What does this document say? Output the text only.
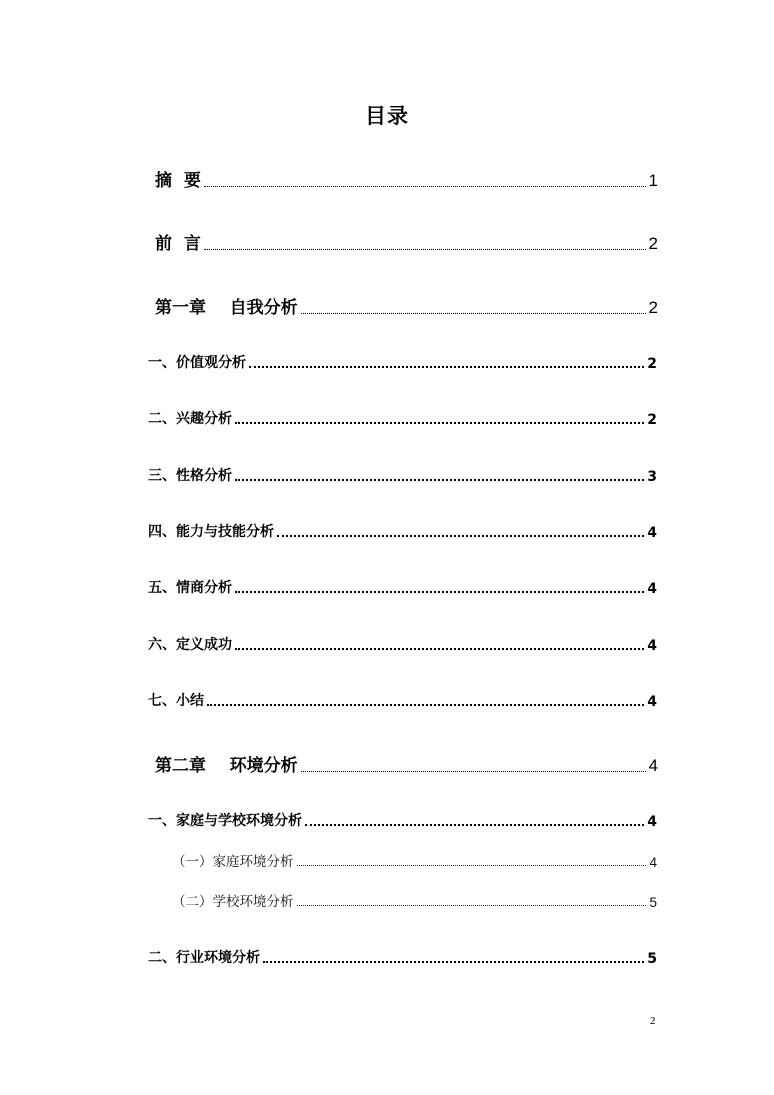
目录
摘  要	1
前  言	2
第一章    自我分析	2
一、价值观分析	2
二、兴趣分析	2
三、性格分析	3
四、能力与技能分析	4
五、情商分析	4
六、定义成功	4
七、小结	4
第二章    环境分析	4
一、家庭与学校环境分析	4
（一）家庭环境分析	4
（二）学校环境分析	5
二、行业环境分析	5
2
